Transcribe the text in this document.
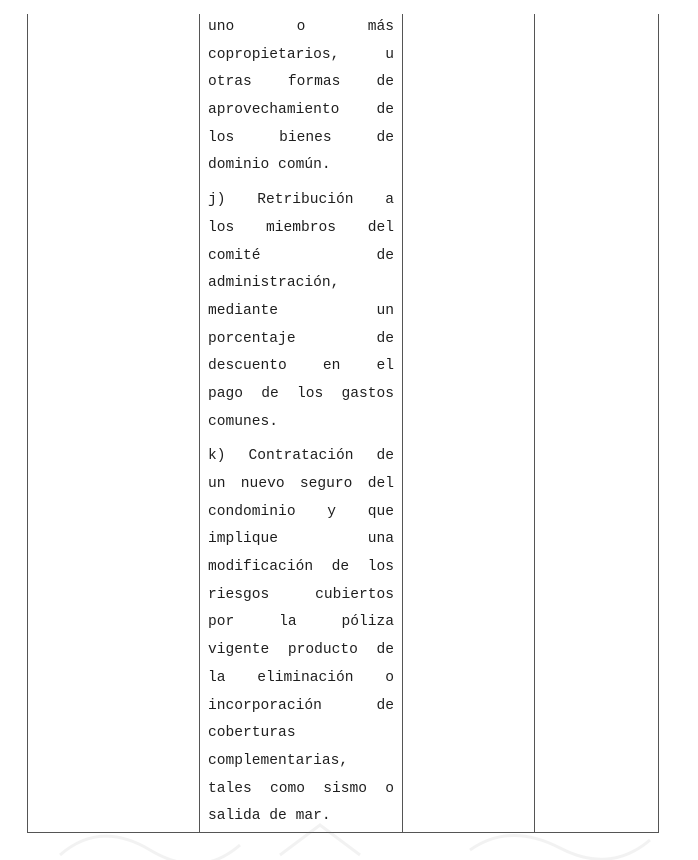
uno o más
copropietarios, u
otras formas de
aprovechamiento de
los bienes de
dominio común.

j) Retribución a
los miembros del
comité de
administración,
mediante un
porcentaje de
descuento en el
pago de los gastos
comunes.

k) Contratación de
un nuevo seguro del
condominio y que
implique una
modificación de los
riesgos cubiertos
por la póliza
vigente producto de
la eliminación o
incorporación de
coberturas
complementarias,
tales como sismo o
salida de mar.
